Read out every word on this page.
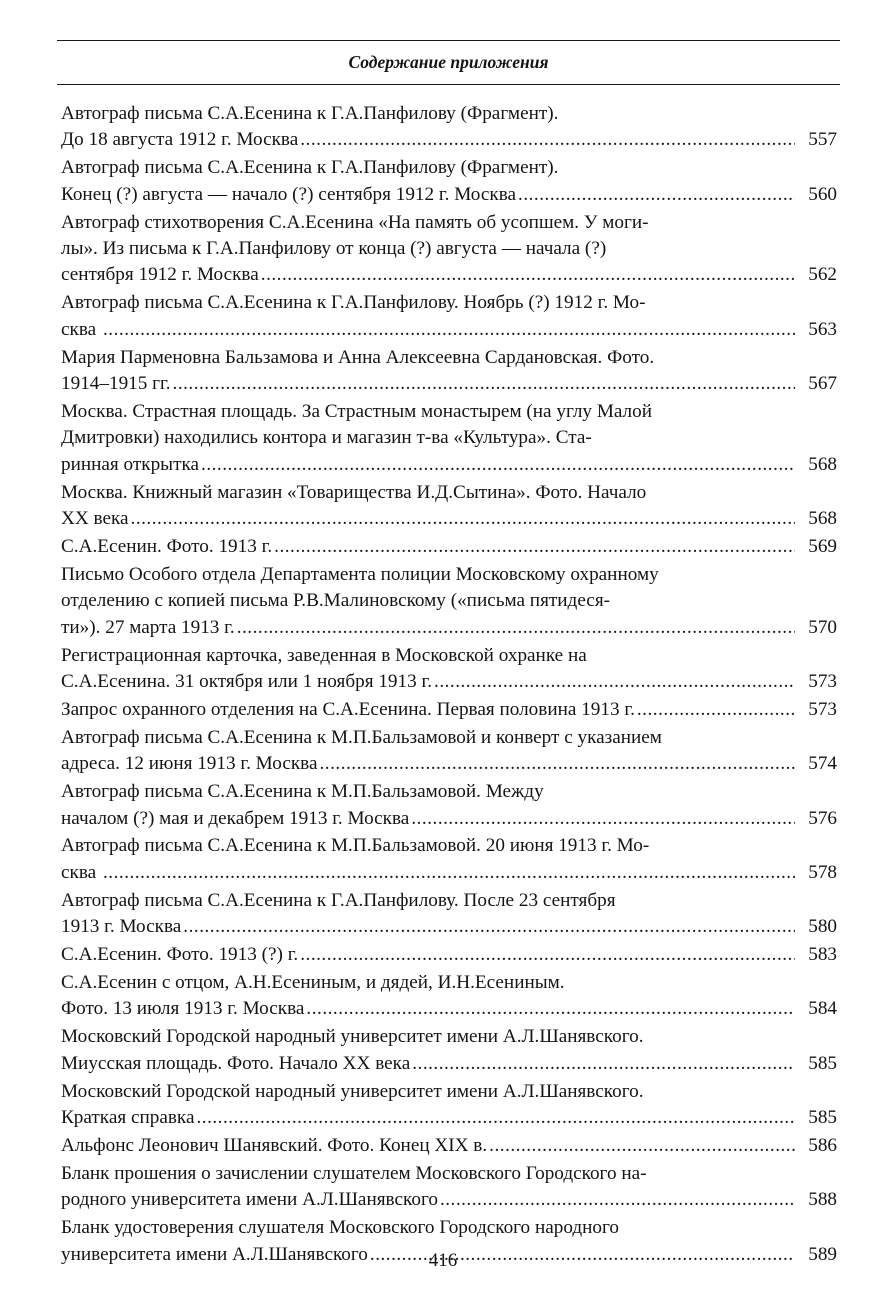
Содержание приложения
Автограф письма С.А.Есенина к Г.А.Панфилову (Фрагмент).
До 18 августа 1912 г. Москва .....	557
Автограф письма С.А.Есенина к Г.А.Панфилову (Фрагмент).
Конец (?) августа — начало (?) сентября 1912 г. Москва .....	560
Автограф стихотворения С.А.Есенина «На память об усопшем. У моги-
лы». Из письма к Г.А.Панфилову от конца (?) августа — начала (?)
сентября 1912 г. Москва .....	562
Автограф письма С.А.Есенина к Г.А.Панфилову. Ноябрь (?) 1912 г. Мо-
сква .....	563
Мария Парменовна Бальзамова и Анна Алексеевна Сардановская. Фото.
1914–1915 гг. .....	567
Москва. Страстная площадь. За Страстным монастырем (на углу Малой
Дмитровки) находились контора и магазин т-ва «Культура». Ста-
ринная открытка .....	568
Москва. Книжный магазин «Товарищества И.Д.Сытина». Фото. Начало
XX века .....	568
С.А.Есенин. Фото. 1913 г. .....	569
Письмо Особого отдела Департамента полиции Московскому охранному
отделению с копией письма Р.В.Малиновскому («письма пятидеся-
ти»). 27 марта 1913 г. .....	570
Регистрационная карточка, заведенная в Московской охранке на
С.А.Есенина. 31 октября или 1 ноября 1913 г. .....	573
Запрос охранного отделения на С.А.Есенина. Первая половина 1913 г. .....	573
Автограф письма С.А.Есенина к М.П.Бальзамовой и конверт с указанием
адреса. 12 июня 1913 г. Москва .....	574
Автограф письма С.А.Есенина к М.П.Бальзамовой. Между
началом (?) мая и декабрем 1913 г. Москва .....	576
Автограф письма С.А.Есенина к М.П.Бальзамовой. 20 июня 1913 г. Мо-
сква .....	578
Автограф письма С.А.Есенина к Г.А.Панфилову. После 23 сентября
1913 г. Москва .....	580
С.А.Есенин. Фото. 1913 (?) г. .....	583
С.А.Есенин с отцом, А.Н.Есениным, и дядей, И.Н.Есениным.
Фото. 13 июля 1913 г. Москва .....	584
Московский Городской народный университет имени А.Л.Шанявского.
Миусская площадь. Фото. Начало XX века .....	585
Московский Городской народный университет имени А.Л.Шанявского.
Краткая справка .....	585
Альфонс Леонович Шанявский. Фото. Конец XIX в. .....	586
Бланк прошения о зачислении слушателем Московского Городского на-
родного университета имени А.Л.Шанявского .....	588
Бланк удостоверения слушателя Московского Городского народного
университета имени А.Л.Шанявского .....	589
416
